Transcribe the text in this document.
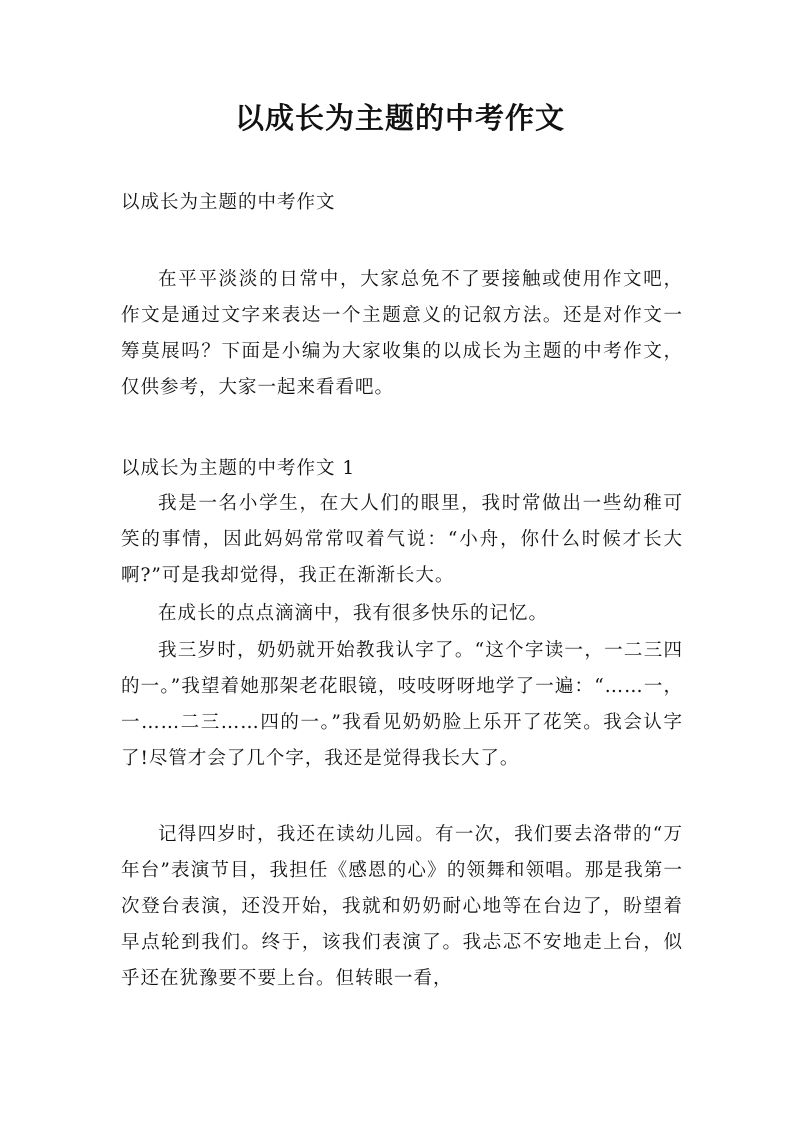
以成长为主题的中考作文
以成长为主题的中考作文

在平平淡淡的日常中，大家总免不了要接触或使用作文吧，作文是通过文字来表达一个主题意义的记叙方法。还是对作文一筹莫展吗？下面是小编为大家收集的以成长为主题的中考作文，仅供参考，大家一起来看看吧。

以成长为主题的中考作文 1

我是一名小学生，在大人们的眼里，我时常做出一些幼稚可笑的事情，因此妈妈常常叹着气说：“小舟，你什么时候才长大啊?”可是我却觉得，我正在渐渐长大。

在成长的点点滴滴中，我有很多快乐的记忆。

我三岁时，奶奶就开始教我认字了。“这个字读一，一二三四的一。”我望着她那架老花眼镜，吱吱呀呀地学了一遍：“……一，一……二三……四的一。”我看见奶奶脸上乐开了花笑。我会认字了!尽管才会了几个字，我还是觉得我长大了。

记得四岁时，我还在读幼儿园。有一次，我们要去洛带的“万年台”表演节目，我担任《感恩的心》的领舞和领唱。那是我第一次登台表演，还没开始，我就和奶奶耐心地等在台边了，盼望着早点轮到我们。终于，该我们表演了。我忐忑不安地走上台，似乎还在犹豫要不要上台。但转眼一看，
